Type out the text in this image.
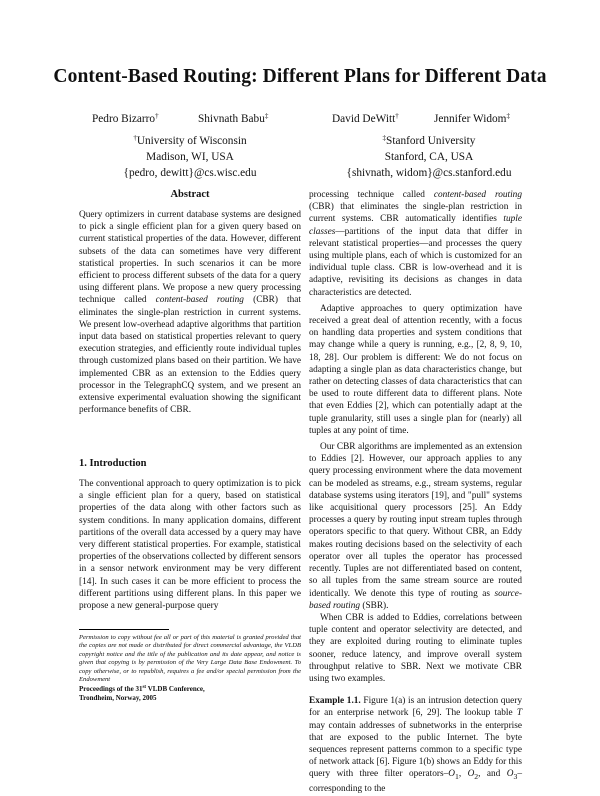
Content-Based Routing: Different Plans for Different Data
Pedro Bizarro†	Shivnath Babu‡	David DeWitt†	Jennifer Widom‡
†University of Wisconsin
Madison, WI, USA
{pedro, dewitt}@cs.wisc.edu
‡Stanford University
Stanford, CA, USA
{shivnath, widom}@cs.stanford.edu
Abstract

Query optimizers in current database systems are designed to pick a single efficient plan for a given query based on current statistical properties of the data. However, different subsets of the data can sometimes have very different statistical properties. In such scenarios it can be more efficient to process different subsets of the data for a query using different plans. We propose a new query processing technique called content-based routing (CBR) that eliminates the single-plan restriction in current systems. We present low-overhead adaptive algorithms that partition input data based on statistical properties relevant to query execution strategies, and efficiently route individual tuples through customized plans based on their partition. We have implemented CBR as an extension to the Eddies query processor in the TelegraphCQ system, and we present an extensive experimental evaluation showing the significant performance benefits of CBR.

1. Introduction

The conventional approach to query optimization is to pick a single efficient plan for a query, based on statistical properties of the data along with other factors such as system conditions. In many application domains, different partitions of the overall data accessed by a query may have very different statistical properties. For example, statistical properties of the observations collected by different sensors in a sensor network environment may be very different [14]. In such cases it can be more efficient to process the different partitions using different plans. In this paper we propose a new general-purpose query

Permission to copy without fee all or part of this material is granted provided that the copies are not made or distributed for direct commercial advantage, the VLDB copyright notice and the title of the publication and its date appear, and notice is given that copying is by permission of the Very Large Data Base Endowment. To copy otherwise, or to republish, requires a fee and/or special permission from the Endowment

Proceedings of the 31st VLDB Conference,
Trondheim, Norway, 2005

processing technique called content-based routing (CBR) that eliminates the single-plan restriction in current systems. CBR automatically identifies tuple classes—partitions of the input data that differ in relevant statistical properties—and processes the query using multiple plans, each of which is customized for an individual tuple class. CBR is low-overhead and it is adaptive, revisiting its decisions as changes in data characteristics are detected.

Adaptive approaches to query optimization have received a great deal of attention recently, with a focus on handling data properties and system conditions that may change while a query is running, e.g., [2, 8, 9, 10, 18, 28]. Our problem is different: We do not focus on adapting a single plan as data characteristics change, but rather on detecting classes of data characteristics that can be used to route different data to different plans. Note that even Eddies [2], which can potentially adapt at the tuple granularity, still uses a single plan for (nearly) all tuples at any point of time.

Our CBR algorithms are implemented as an extension to Eddies [2]. However, our approach applies to any query processing environment where the data movement can be modeled as streams, e.g., stream systems, regular database systems using iterators [19], and "pull" systems like acquisitional query processors [25]. An Eddy processes a query by routing input stream tuples through operators specific to that query. Without CBR, an Eddy makes routing decisions based on the selectivity of each operator over all tuples the operator has processed recently. Tuples are not differentiated based on content, so all tuples from the same stream source are routed identically. We denote this type of routing as source-based routing (SBR).

When CBR is added to Eddies, correlations between tuple content and operator selectivity are detected, and they are exploited during routing to eliminate tuples sooner, reduce latency, and improve overall system throughput relative to SBR. Next we motivate CBR using two examples.

Example 1.1. Figure 1(a) is an intrusion detection query for an enterprise network [6, 29]. The lookup table T may contain addresses of subnetworks in the enterprise that are exposed to the public Internet. The byte sequences represent patterns common to a specific type of network attack [6]. Figure 1(b) shows an Eddy for this query with three filter operators–$O_1$, $O_2$, and $O_3$–corresponding to the
